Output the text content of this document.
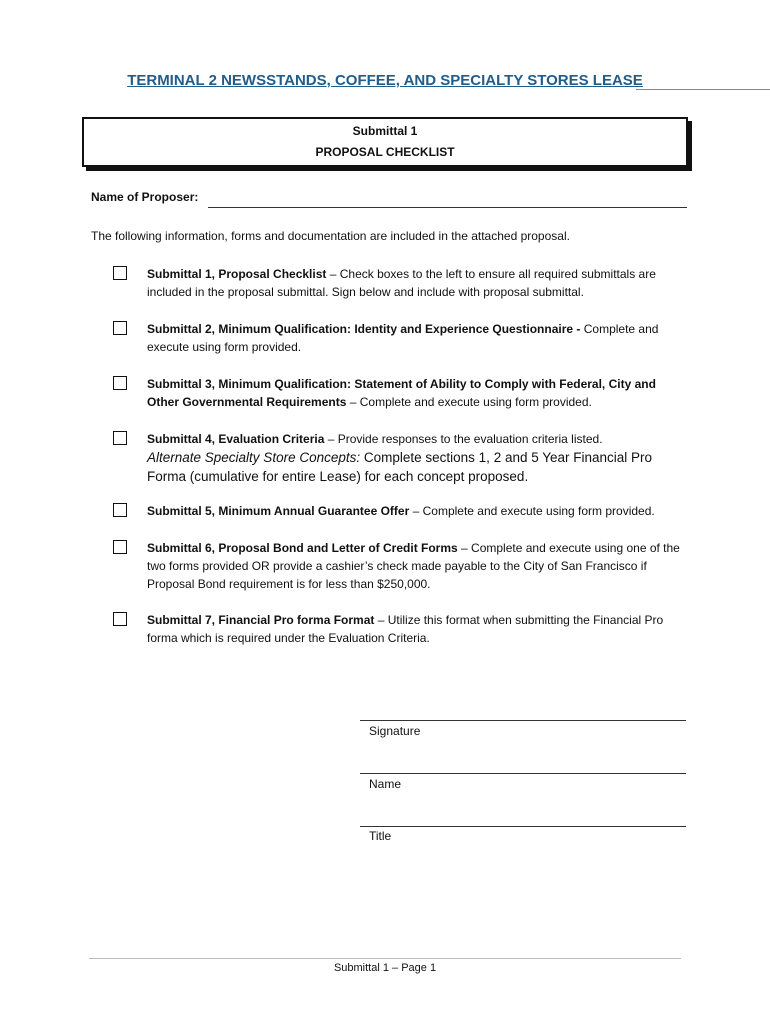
TERMINAL 2 NEWSSTANDS, COFFEE, AND SPECIALTY STORES LEASE
Submittal 1
PROPOSAL CHECKLIST
Name of Proposer:
The following information, forms and documentation are included in the attached proposal.
Submittal 1, Proposal Checklist – Check boxes to the left to ensure all required submittals are included in the proposal submittal. Sign below and include with proposal submittal.
Submittal 2, Minimum Qualification: Identity and Experience Questionnaire - Complete and execute using form provided.
Submittal 3, Minimum Qualification: Statement of Ability to Comply with Federal, City and Other Governmental Requirements – Complete and execute using form provided.
Submittal 4, Evaluation Criteria – Provide responses to the evaluation criteria listed.
Alternate Specialty Store Concepts: Complete sections 1, 2 and 5 Year Financial Pro Forma (cumulative for entire Lease) for each concept proposed.
Submittal 5, Minimum Annual Guarantee Offer – Complete and execute using form provided.
Submittal 6, Proposal Bond and Letter of Credit Forms – Complete and execute using one of the two forms provided OR provide a cashier’s check made payable to the City of San Francisco if Proposal Bond requirement is for less than $250,000.
Submittal 7, Financial Pro forma Format – Utilize this format when submitting the Financial Pro forma which is required under the Evaluation Criteria.
Signature
Name
Title
Submittal 1 – Page 1
